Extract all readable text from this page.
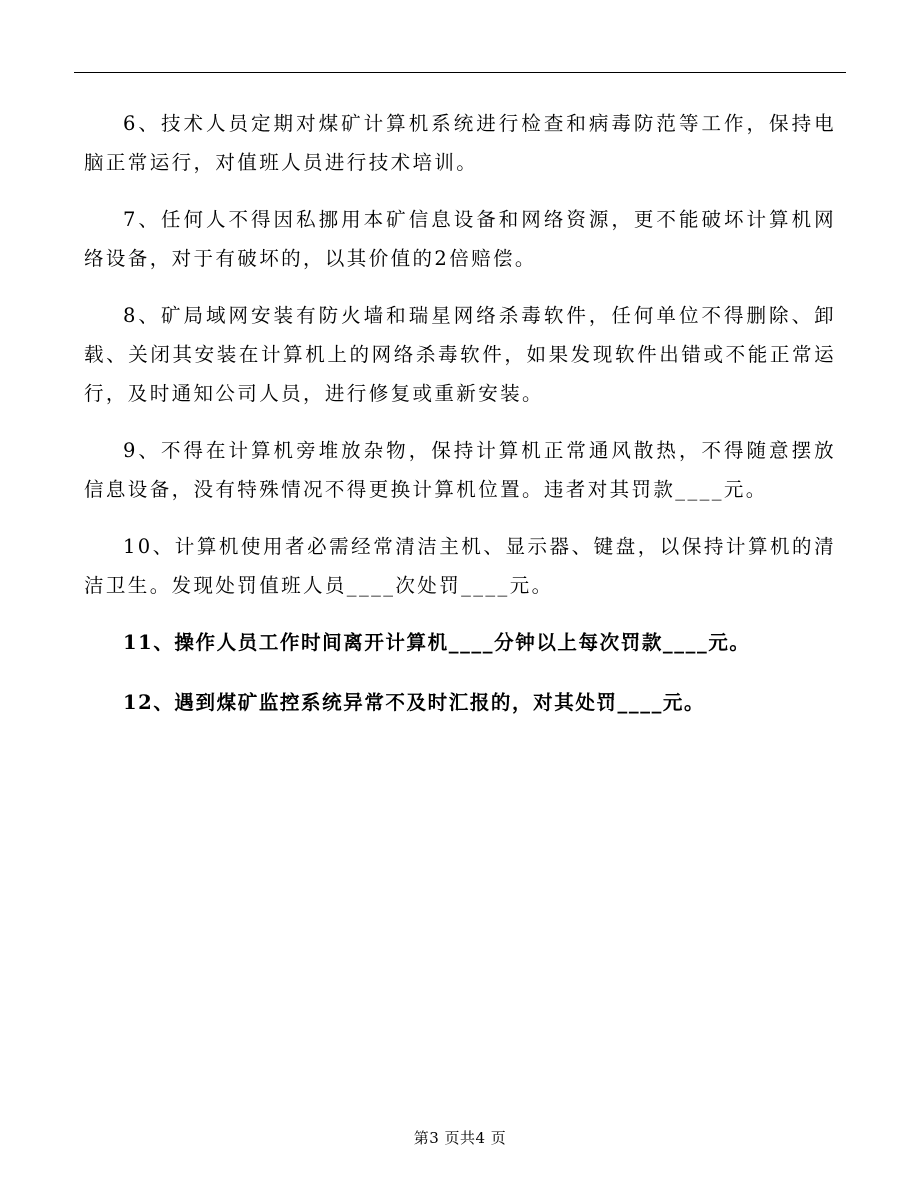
6、技术人员定期对煤矿计算机系统进行检查和病毒防范等工作，保持电脑正常运行，对值班人员进行技术培训。

7、任何人不得因私挪用本矿信息设备和网络资源，更不能破坏计算机网络设备，对于有破坏的，以其价值的2倍赔偿。

8、矿局域网安装有防火墙和瑞星网络杀毒软件，任何单位不得删除、卸载、关闭其安装在计算机上的网络杀毒软件，如果发现软件出错或不能正常运行，及时通知公司人员，进行修复或重新安装。

9、不得在计算机旁堆放杂物，保持计算机正常通风散热，不得随意摆放信息设备，没有特殊情况不得更换计算机位置。违者对其罚款____元。

10、计算机使用者必需经常清洁主机、显示器、键盘，以保持计算机的清洁卫生。发现处罚值班人员____次处罚____元。

11、操作人员工作时间离开计算机____分钟以上每次罚款____元。

12、遇到煤矿监控系统异常不及时汇报的，对其处罚____元。

第3 页共4 页
